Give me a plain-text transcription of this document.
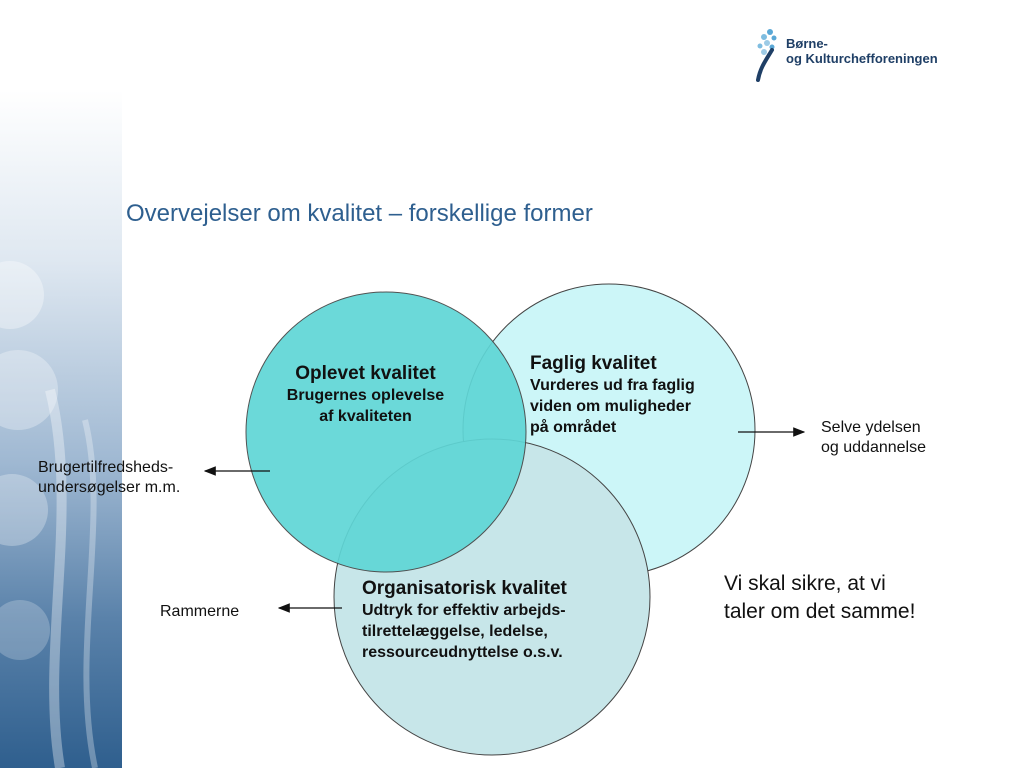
Børne-
og Kulturchefforeningen
Overvejelser om kvalitet – forskellige former
Oplevet kvalitet
Brugernes oplevelse
af kvaliteten
Faglig kvalitet
Vurderes ud fra faglig
viden om muligheder
på området
Organisatorisk kvalitet
Udtryk for effektiv arbejds-
tilrettelæggelse, ledelse,
ressourceudnyttelse o.s.v.
Brugertilfredsheds-
undersøgelser m.m.
Rammerne
Selve ydelsen
og uddannelse
Vi skal sikre, at vi
taler om det samme!
